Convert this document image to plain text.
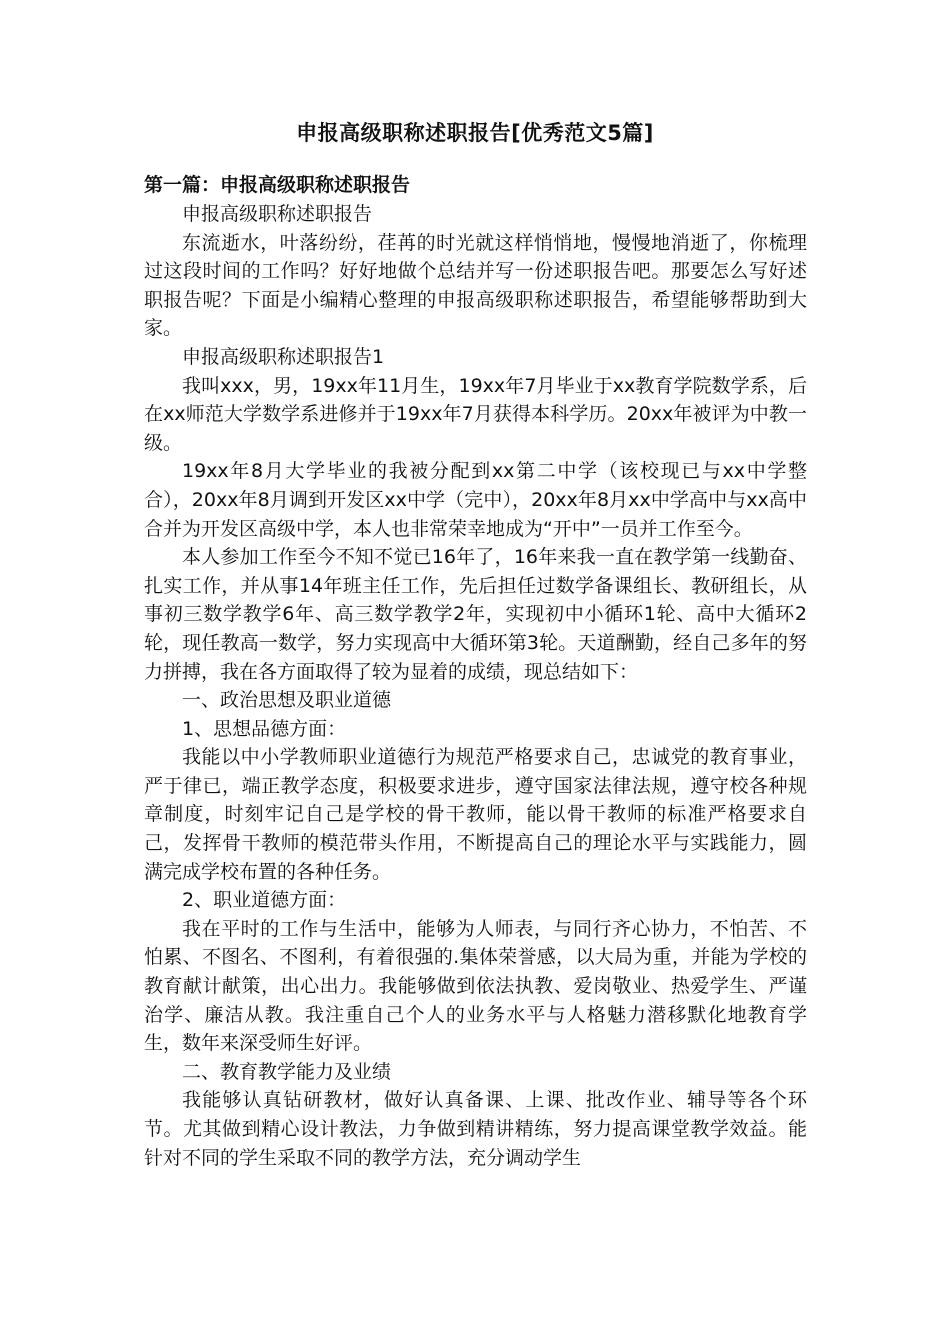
申报高级职称述职报告[优秀范文5篇]
第一篇：申报高级职称述职报告

申报高级职称述职报告

东流逝水，叶落纷纷，荏苒的时光就这样悄悄地，慢慢地消逝了，你梳理过这段时间的工作吗？好好地做个总结并写一份述职报告吧。那要怎么写好述职报告呢？下面是小编精心整理的申报高级职称述职报告，希望能够帮助到大家。

申报高级职称述职报告1

我叫xxx，男，19xx年11月生，19xx年7月毕业于xx教育学院数学系，后在xx师范大学数学系进修并于19xx年7月获得本科学历。20xx年被评为中教一级。

19xx年8月大学毕业的我被分配到xx第二中学（该校现已与xx中学整合），20xx年8月调到开发区xx中学（完中），20xx年8月xx中学高中与xx高中合并为开发区高级中学，本人也非常荣幸地成为“开中”一员并工作至今。

本人参加工作至今不知不觉已16年了，16年来我一直在教学第一线勤奋、扎实工作，并从事14年班主任工作，先后担任过数学备课组长、教研组长，从事初三数学教学6年、高三数学教学2年，实现初中小循环1轮、高中大循环2轮，现任教高一数学，努力实现高中大循环第3轮。天道酬勤，经自己多年的努力拼搏，我在各方面取得了较为显着的成绩，现总结如下：

一、政治思想及职业道德

1、思想品德方面：

我能以中小学教师职业道德行为规范严格要求自己，忠诚党的教育事业，严于律已，端正教学态度，积极要求进步，遵守国家法律法规，遵守校各种规章制度，时刻牢记自己是学校的骨干教师，能以骨干教师的标准严格要求自己，发挥骨干教师的模范带头作用，不断提高自己的理论水平与实践能力，圆满完成学校布置的各种任务。

2、职业道德方面：

我在平时的工作与生活中，能够为人师表，与同行齐心协力，不怕苦、不怕累、不图名、不图利，有着很强的.集体荣誉感，以大局为重，并能为学校的教育献计献策，出心出力。我能够做到依法执教、爱岗敬业、热爱学生、严谨治学、廉洁从教。我注重自己个人的业务水平与人格魅力潜移默化地教育学生，数年来深受师生好评。

二、教育教学能力及业绩

我能够认真钻研教材，做好认真备课、上课、批改作业、辅导等各个环节。尤其做到精心设计教法，力争做到精讲精练，努力提高课堂教学效益。能针对不同的学生采取不同的教学方法，充分调动学生
